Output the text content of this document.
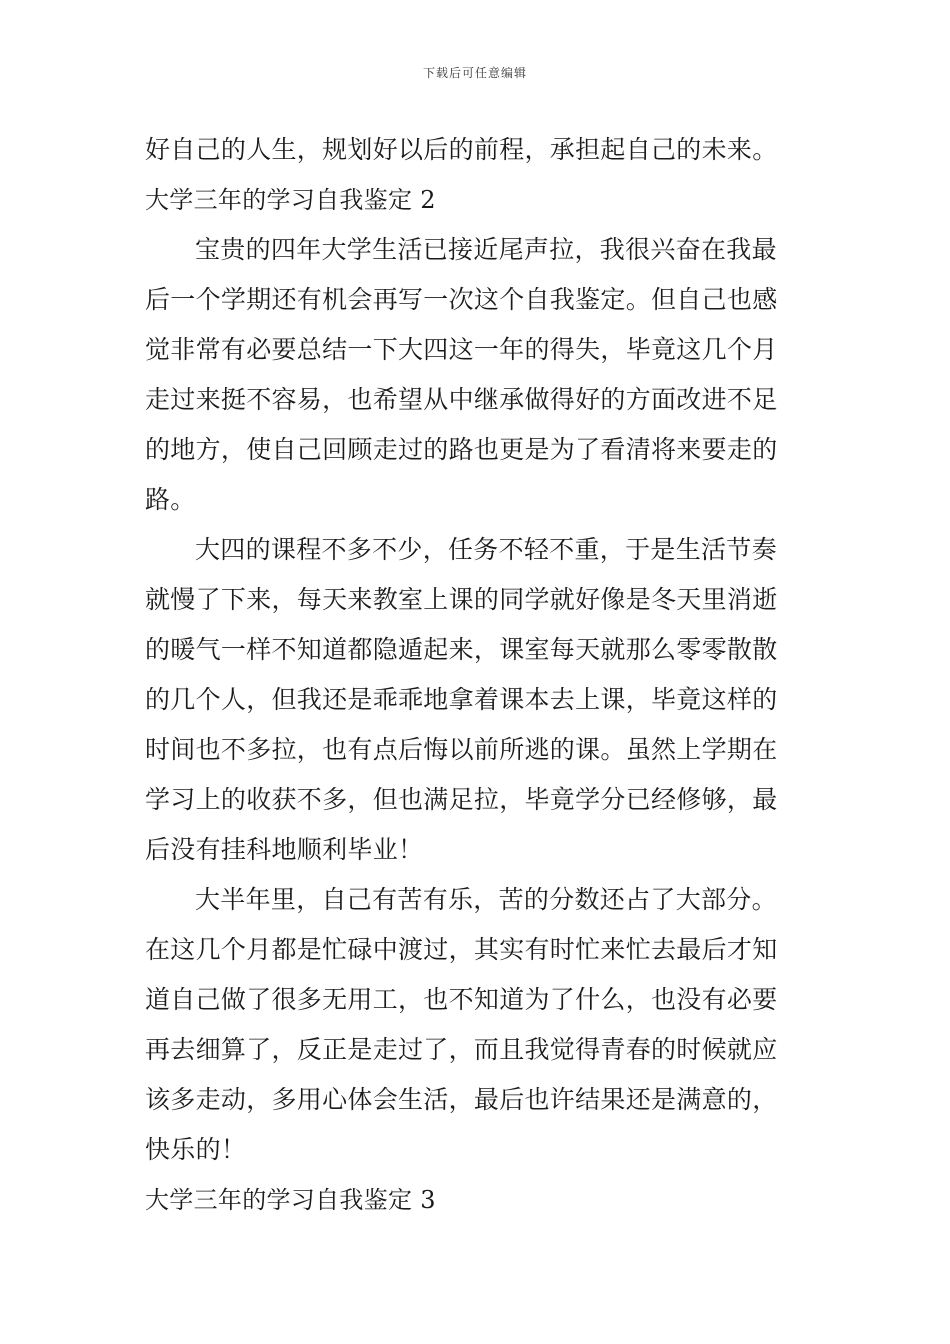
下载后可任意编辑
好自己的人生，规划好以后的前程，承担起自己的未来。
大学三年的学习自我鉴定 2
宝贵的四年大学生活已接近尾声拉，我很兴奋在我最
后一个学期还有机会再写一次这个自我鉴定。但自己也感
觉非常有必要总结一下大四这一年的得失，毕竟这几个月
走过来挺不容易，也希望从中继承做得好的方面改进不足
的地方，使自己回顾走过的路也更是为了看清将来要走的
路。
大四的课程不多不少，任务不轻不重，于是生活节奏
就慢了下来，每天来教室上课的同学就好像是冬天里消逝
的暖气一样不知道都隐遁起来，课室每天就那么零零散散
的几个人，但我还是乖乖地拿着课本去上课，毕竟这样的
时间也不多拉，也有点后悔以前所逃的课。虽然上学期在
学习上的收获不多，但也满足拉，毕竟学分已经修够，最
后没有挂科地顺利毕业！
大半年里，自己有苦有乐，苦的分数还占了大部分。
在这几个月都是忙碌中渡过，其实有时忙来忙去最后才知
道自己做了很多无用工，也不知道为了什么，也没有必要
再去细算了，反正是走过了，而且我觉得青春的时候就应
该多走动，多用心体会生活，最后也许结果还是满意的，
快乐的！
大学三年的学习自我鉴定 3
